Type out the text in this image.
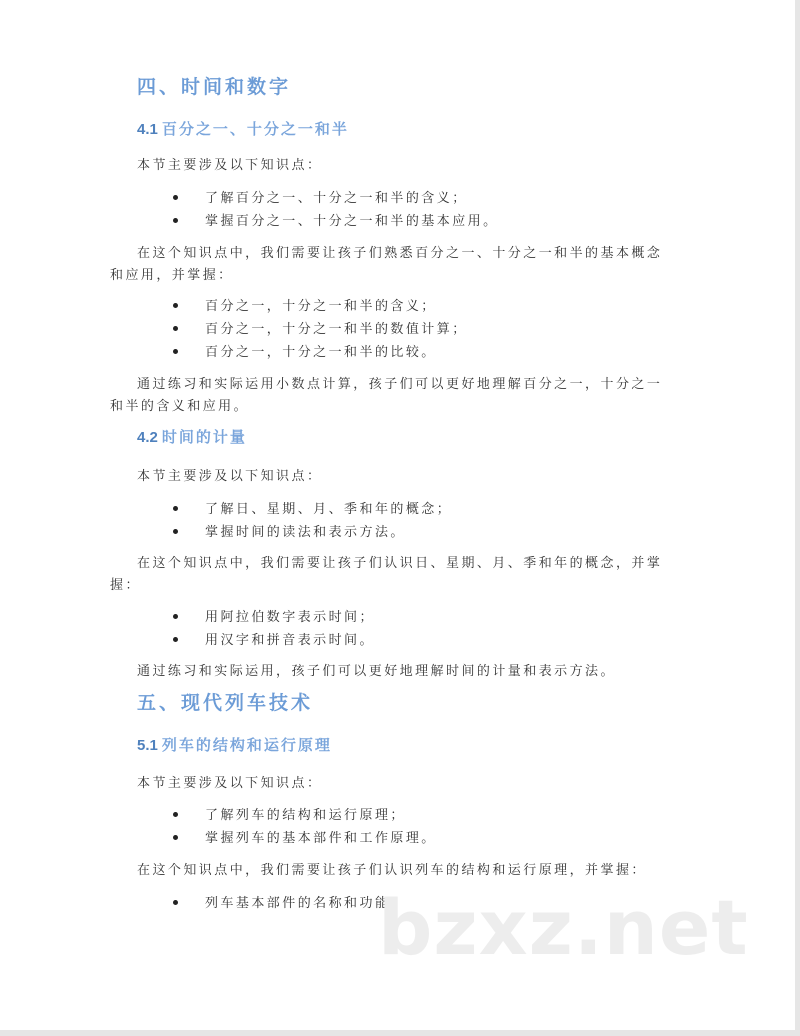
四、时间和数字
4.1 百分之一、十分之一和半

本节主要涉及以下知识点：

了解百分之一、十分之一和半的含义；
掌握百分之一、十分之一和半的基本应用。

在这个知识点中，我们需要让孩子们熟悉百分之一、十分之一和半的基本概念和应用，并掌握：

百分之一，十分之一和半的含义；
百分之一，十分之一和半的数值计算；
百分之一，十分之一和半的比较。

通过练习和实际运用小数点计算，孩子们可以更好地理解百分之一，十分之一和半的含义和应用。

4.2 时间的计量

本节主要涉及以下知识点：

了解日、星期、月、季和年的概念；
掌握时间的读法和表示方法。

在这个知识点中，我们需要让孩子们认识日、星期、月、季和年的概念，并掌握：

用阿拉伯数字表示时间；
用汉字和拼音表示时间。

通过练习和实际运用，孩子们可以更好地理解时间的计量和表示方法。

五、现代列车技术
5.1 列车的结构和运行原理

本节主要涉及以下知识点：

了解列车的结构和运行原理；
掌握列车的基本部件和工作原理。

在这个知识点中，我们需要让孩子们认识列车的结构和运行原理，并掌握：

列车基本部件的名称和功能；
bzxz.net
